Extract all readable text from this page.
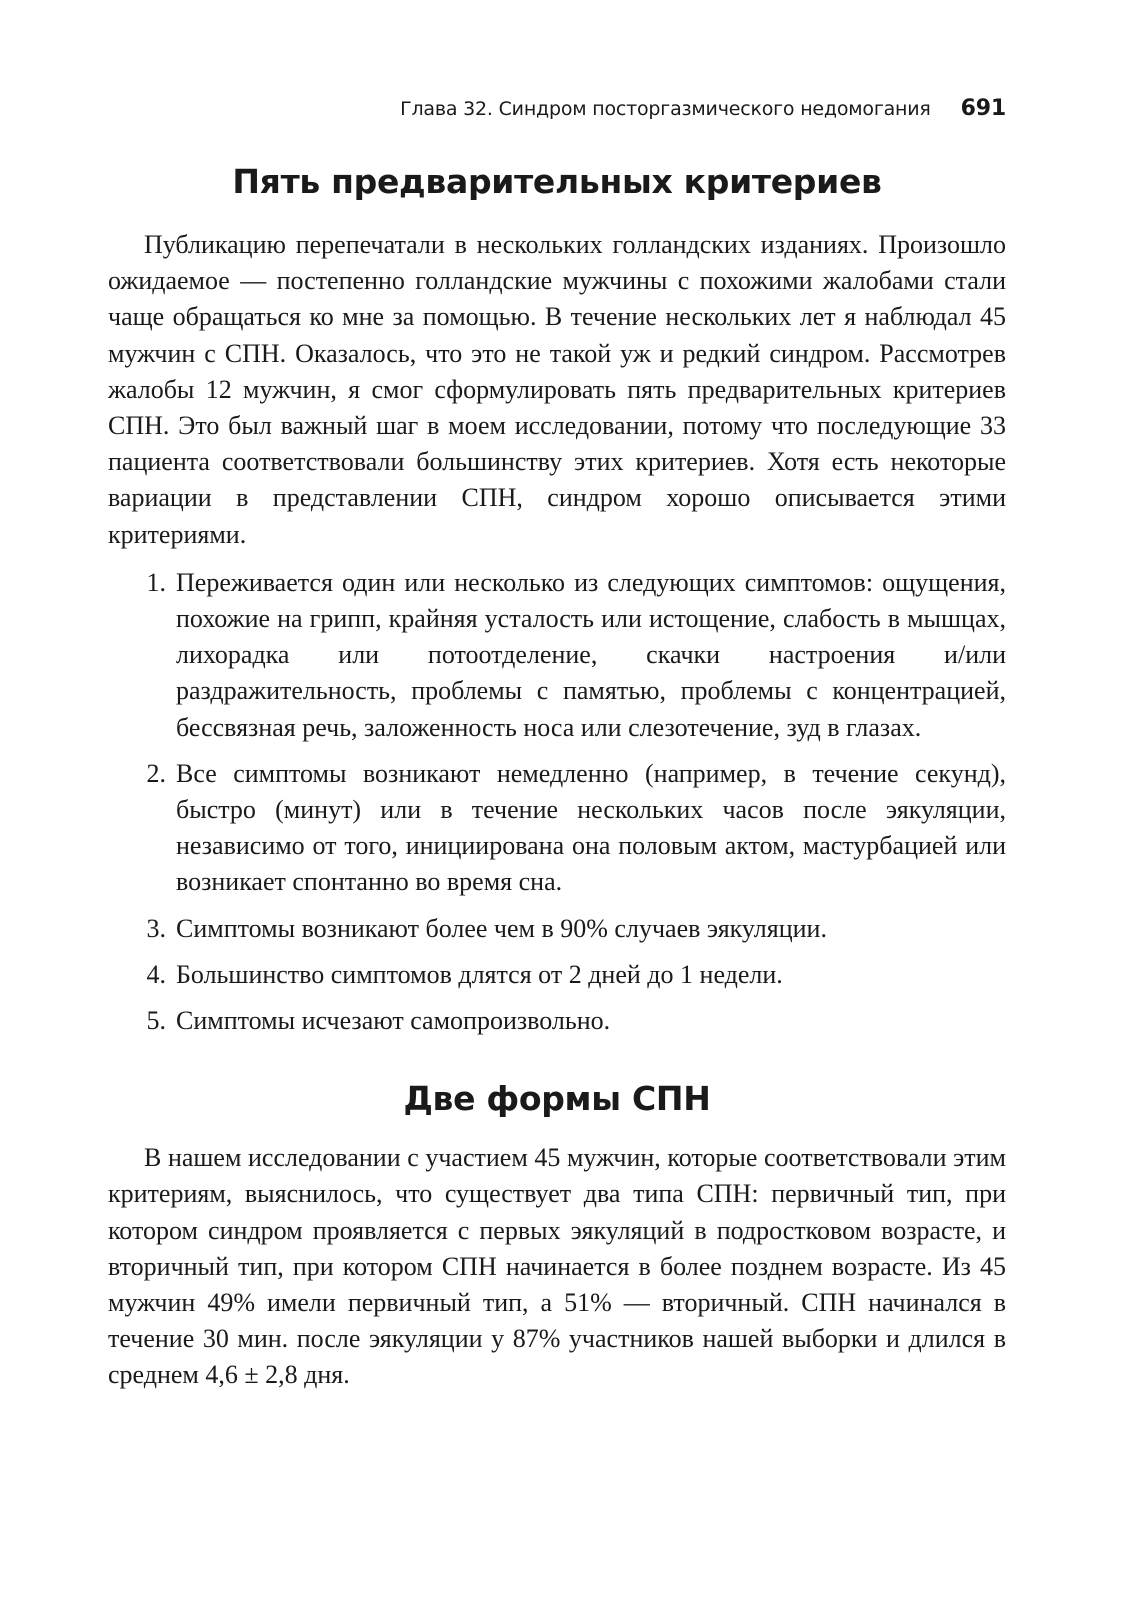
Глава 32. Синдром посторгазмического недомогания 691
Пять предварительных критериев

Публикацию перепечатали в нескольких голландских изданиях. Произошло ожидаемое — постепенно голландские мужчины с похожими жалобами стали чаще обращаться ко мне за помощью. В течение нескольких лет я наблюдал 45 мужчин с СПН. Оказалось, что это не такой уж и редкий синдром. Рассмотрев жалобы 12 мужчин, я смог сформулировать пять предварительных критериев СПН. Это был важный шаг в моем исследовании, потому что последующие 33 пациента соответствовали большинству этих критериев. Хотя есть некоторые вариации в представлении СПН, синдром хорошо описывается этими критериями.

1. Переживается один или несколько из следующих симптомов: ощущения, похожие на грипп, крайняя усталость или истощение, слабость в мышцах, лихорадка или потоотделение, скачки настроения и/или раздражительность, проблемы с памятью, проблемы с концентрацией, бессвязная речь, заложенность носа или слезотечение, зуд в глазах.
2. Все симптомы возникают немедленно (например, в течение секунд), быстро (минут) или в течение нескольких часов после эякуляции, независимо от того, инициирована она половым актом, мастурбацией или возникает спонтанно во время сна.
3. Симптомы возникают более чем в 90% случаев эякуляции.
4. Большинство симптомов длятся от 2 дней до 1 недели.
5. Симптомы исчезают самопроизвольно.
Две формы СПН

В нашем исследовании с участием 45 мужчин, которые соответствовали этим критериям, выяснилось, что существует два типа СПН: первичный тип, при котором синдром проявляется с первых эякуляций в подростковом возрасте, и вторичный тип, при котором СПН начинается в более позднем возрасте. Из 45 мужчин 49% имели первичный тип, а 51% — вторичный. СПН начинался в течение 30 мин. после эякуляции у 87% участников нашей выборки и длился в среднем 4,6 ± 2,8 дня.
